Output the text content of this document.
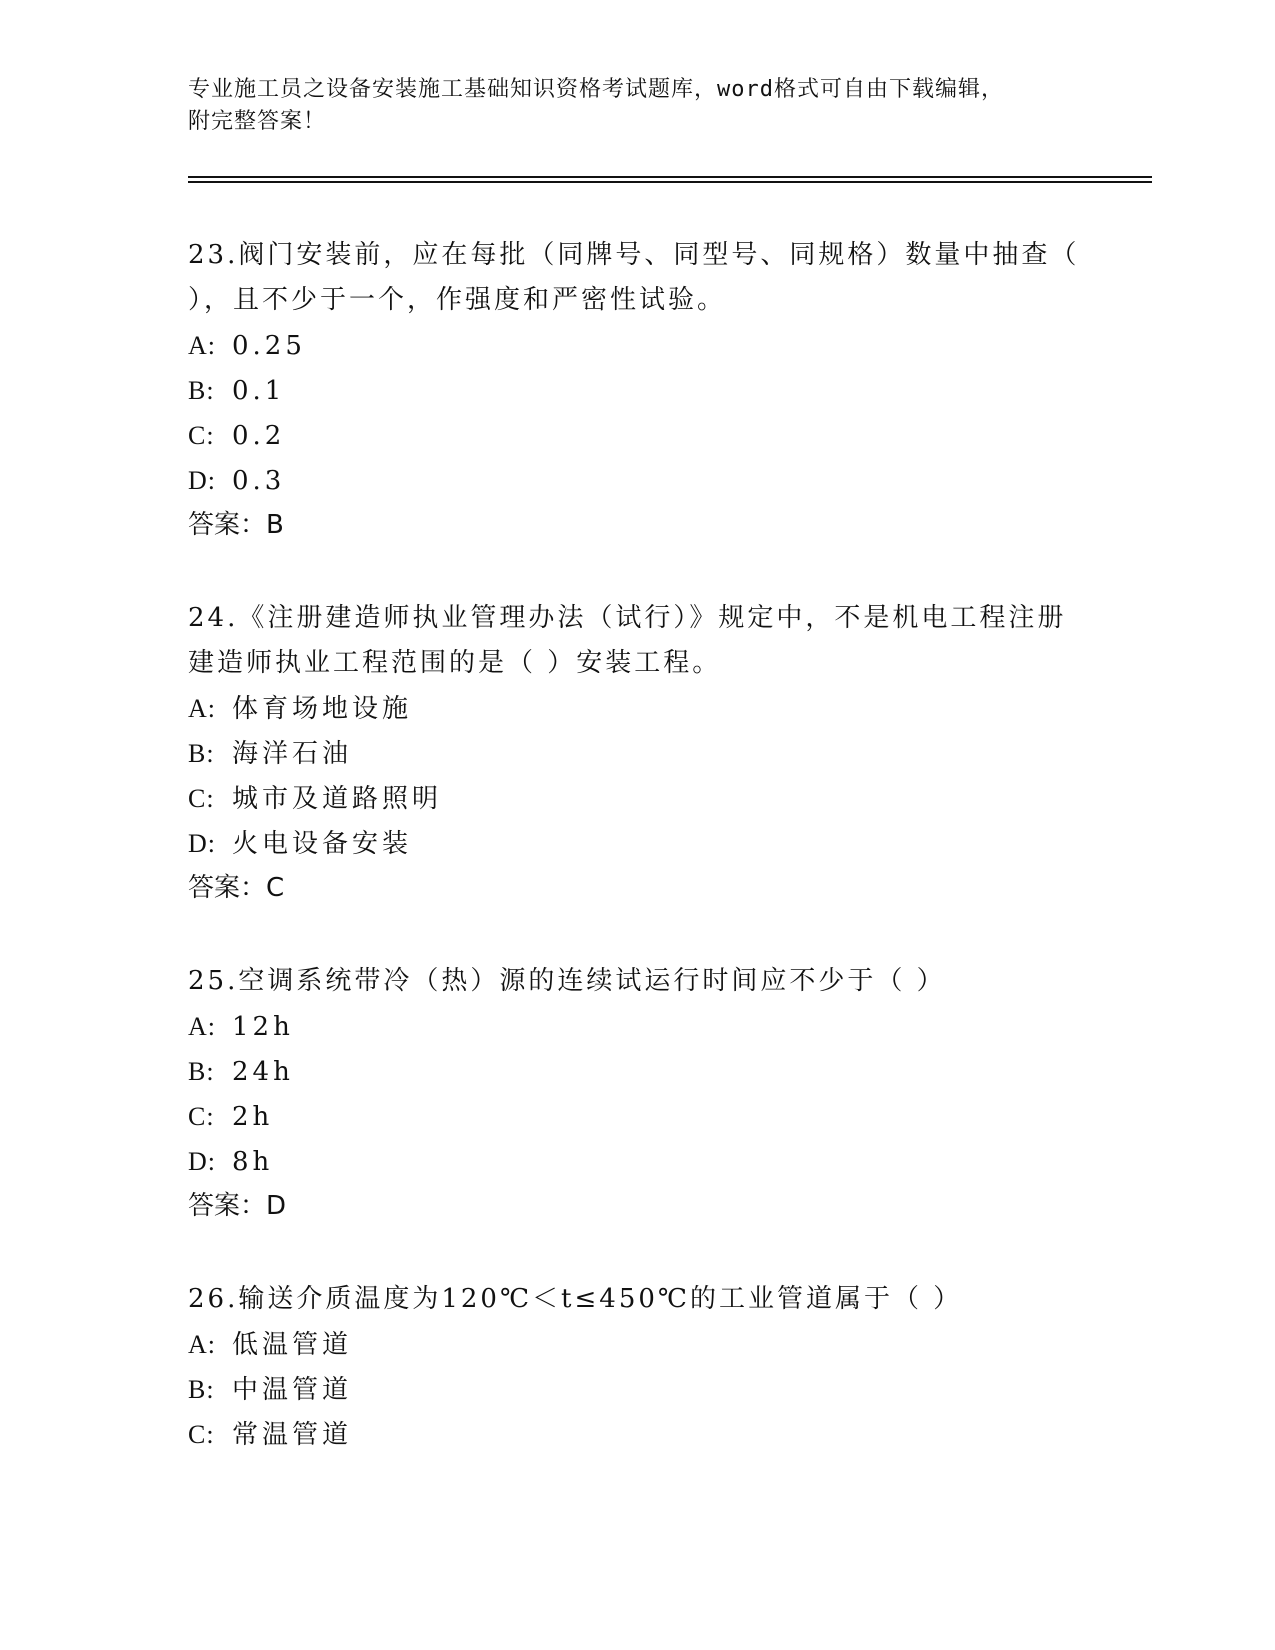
专业施工员之设备安装施工基础知识资格考试题库，word格式可自由下载编辑，
附完整答案！
23.阀门安装前，应在每批（同牌号、同型号、同规格）数量中抽查（
），且不少于一个，作强度和严密性试验。
A: 0.25
B: 0.1
C: 0.2
D: 0.3
答案：B
24.《注册建造师执业管理办法（试行）》规定中，不是机电工程注册
建造师执业工程范围的是（ ）安装工程。
A: 体育场地设施
B: 海洋石油
C: 城市及道路照明
D: 火电设备安装
答案：C
25.空调系统带冷（热）源的连续试运行时间应不少于（ ）
A: 12h
B: 24h
C: 2h
D: 8h
答案：D
26.输送介质温度为120℃＜t≤450℃的工业管道属于（ ）
A: 低温管道
B: 中温管道
C: 常温管道
